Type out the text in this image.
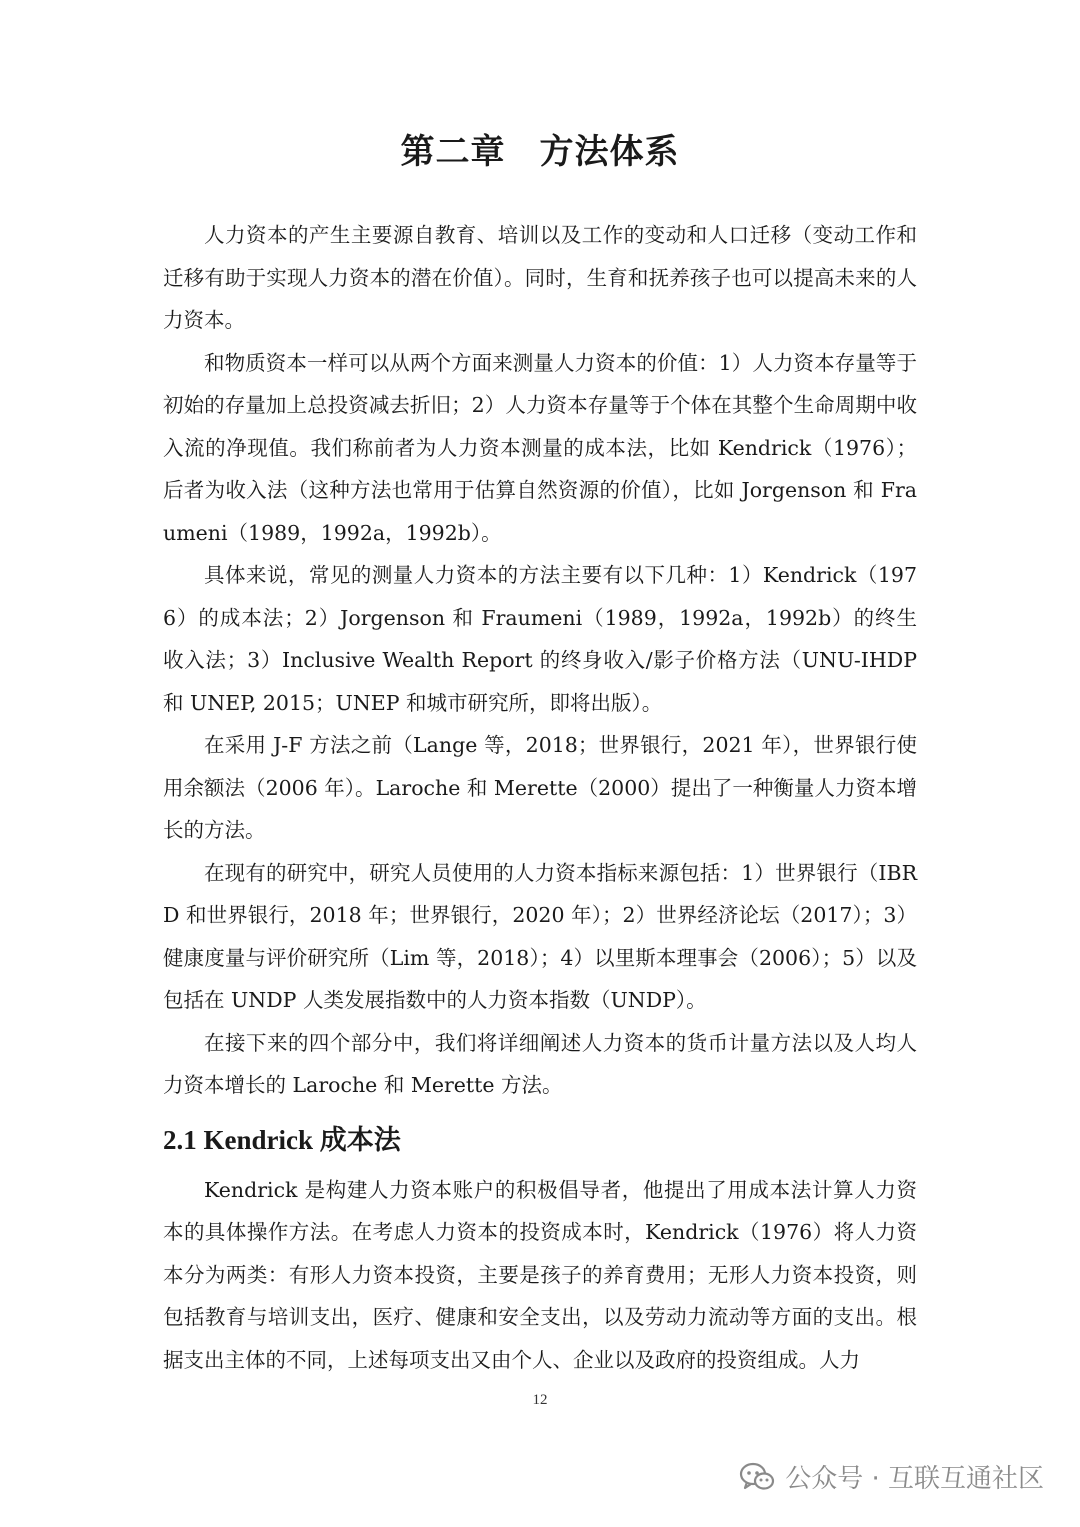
第二章 方法体系

人力资本的产生主要源自教育、培训以及工作的变动和人口迁移（变动工作和迁移有助于实现人力资本的潜在价值）。同时，生育和抚养孩子也可以提高未来的人力资本。

和物质资本一样可以从两个方面来测量人力资本的价值：1）人力资本存量等于初始的存量加上总投资减去折旧；2）人力资本存量等于个体在其整个生命周期中收入流的净现值。我们称前者为人力资本测量的成本法，比如 Kendrick（1976）；后者为收入法（这种方法也常用于估算自然资源的价值），比如 Jorgenson 和 Fraumeni（1989，1992a，1992b）。

具体来说，常见的测量人力资本的方法主要有以下几种：1）Kendrick（1976）的成本法；2）Jorgenson 和 Fraumeni（1989，1992a，1992b）的终生收入法；3）Inclusive Wealth Report 的终身收入/影子价格方法（UNU-IHDP 和 UNEP, 2015；UNEP 和城市研究所，即将出版）。

在采用 J-F 方法之前（Lange 等，2018；世界银行，2021 年），世界银行使用余额法（2006 年）。Laroche 和 Merette（2000）提出了一种衡量人力资本增长的方法。

在现有的研究中，研究人员使用的人力资本指标来源包括：1）世界银行（IBRD 和世界银行，2018 年；世界银行，2020 年）；2）世界经济论坛（2017）；3）健康度量与评价研究所（Lim 等，2018）；4）以里斯本理事会（2006）；5）以及包括在 UNDP 人类发展指数中的人力资本指数（UNDP）。

在接下来的四个部分中，我们将详细阐述人力资本的货币计量方法以及人均人力资本增长的 Laroche 和 Merette 方法。

2.1 Kendrick 成本法

Kendrick 是构建人力资本账户的积极倡导者，他提出了用成本法计算人力资本的具体操作方法。在考虑人力资本的投资成本时，Kendrick（1976）将人力资本分为两类：有形人力资本投资，主要是孩子的养育费用；无形人力资本投资，则包括教育与培训支出，医疗、健康和安全支出，以及劳动力流动等方面的支出。根据支出主体的不同，上述每项支出又由个人、企业以及政府的投资组成。人力

12
公众号 · 互联互通社区
